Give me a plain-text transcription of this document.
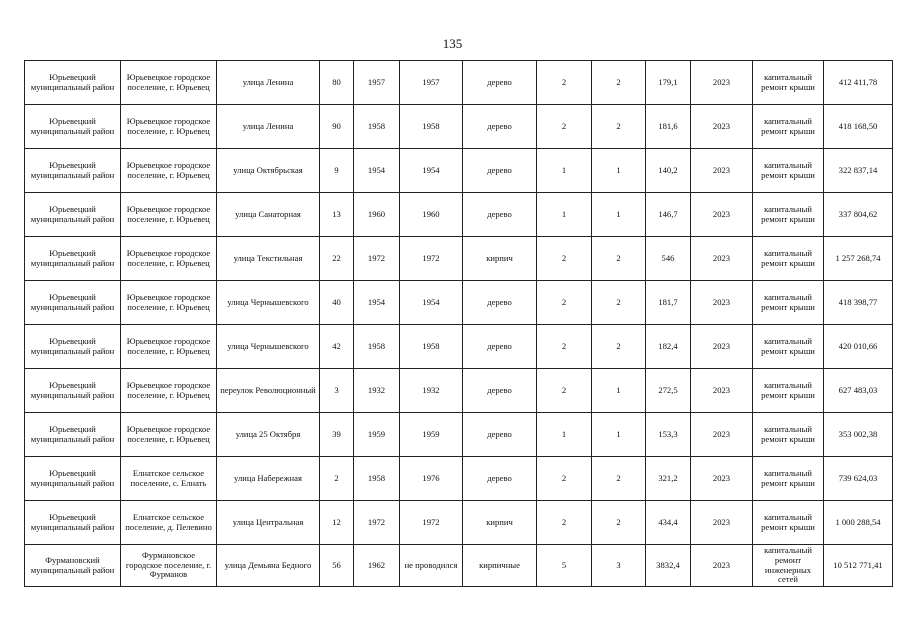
135
Юрьевецкий муниципальный район	Юрьевецкое городское поселение, г. Юрьевец	улица Ленина	80	1957	1957	дерево	2	2	179,1	2023	капитальный ремонт крыши	412 411,78
Юрьевецкий муниципальный район	Юрьевецкое городское поселение, г. Юрьевец	улица Ленина	90	1958	1958	дерево	2	2	181,6	2023	капитальный ремонт крыши	418 168,50
Юрьевецкий муниципальный район	Юрьевецкое городское поселение, г. Юрьевец	улица Октябрьская	9	1954	1954	дерево	1	1	140,2	2023	капитальный ремонт крыши	322 837,14
Юрьевецкий муниципальный район	Юрьевецкое городское поселение, г. Юрьевец	улица Санаторная	13	1960	1960	дерево	1	1	146,7	2023	капитальный ремонт крыши	337 804,62
Юрьевецкий муниципальный район	Юрьевецкое городское поселение, г. Юрьевец	улица Текстильная	22	1972	1972	кирпич	2	2	546	2023	капитальный ремонт крыши	1 257 268,74
Юрьевецкий муниципальный район	Юрьевецкое городское поселение, г. Юрьевец	улица Чернышевского	40	1954	1954	дерево	2	2	181,7	2023	капитальный ремонт крыши	418 398,77
Юрьевецкий муниципальный район	Юрьевецкое городское поселение, г. Юрьевец	улица Чернышевского	42	1958	1958	дерево	2	2	182,4	2023	капитальный ремонт крыши	420 010,66
Юрьевецкий муниципальный район	Юрьевецкое городское поселение, г. Юрьевец	переулок Революционный	3	1932	1932	дерево	2	1	272,5	2023	капитальный ремонт крыши	627 483,03
Юрьевецкий муниципальный район	Юрьевецкое городское поселение, г. Юрьевец	улица 25 Октября	39	1959	1959	дерево	1	1	153,3	2023	капитальный ремонт крыши	353 002,38
Юрьевецкий муниципальный район	Елнатское сельское поселение, с. Елнать	улица Набережная	2	1958	1976	дерево	2	2	321,2	2023	капитальный ремонт крыши	739 624,03
Юрьевецкий муниципальный район	Елнатское сельское поселение, д. Пелевино	улица Центральная	12	1972	1972	кирпич	2	2	434,4	2023	капитальный ремонт крыши	1 000 288,54
Фурмановский муниципальный район	Фурмановское городское поселение, г. Фурманов	улица Демьяна Бедного	56	1962	не проводился	кирпичные	5	3	3832,4	2023	капитальный ремонт инженерных сетей	10 512 771,41
